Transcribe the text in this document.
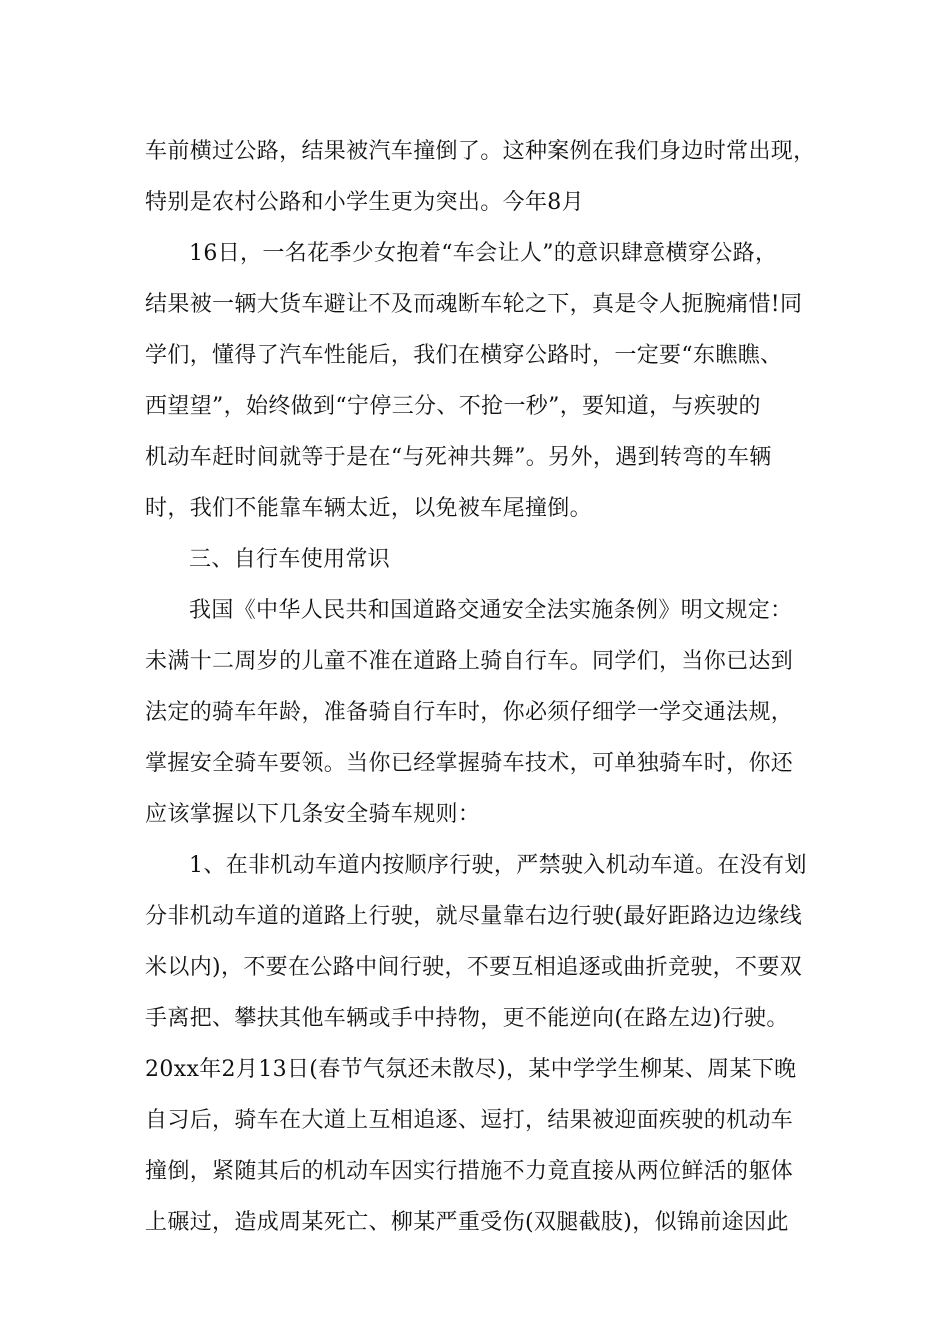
车前横过公路，结果被汽车撞倒了。这种案例在我们身边时常出现，
特别是农村公路和小学生更为突出。今年8月
16日，一名花季少女抱着“车会让人”的意识肆意横穿公路，
结果被一辆大货车避让不及而魂断车轮之下，真是令人扼腕痛惜!同
学们，懂得了汽车性能后，我们在横穿公路时，一定要“东瞧瞧、
西望望”，始终做到“宁停三分、不抢一秒”，要知道，与疾驶的
机动车赶时间就等于是在“与死神共舞”。另外，遇到转弯的车辆
时，我们不能靠车辆太近，以免被车尾撞倒。
三、自行车使用常识
我国《中华人民共和国道路交通安全法实施条例》明文规定：
未满十二周岁的儿童不准在道路上骑自行车。同学们，当你已达到
法定的骑车年龄，准备骑自行车时，你必须仔细学一学交通法规，
掌握安全骑车要领。当你已经掌握骑车技术，可单独骑车时，你还
应该掌握以下几条安全骑车规则：
1、在非机动车道内按顺序行驶，严禁驶入机动车道。在没有划
分非机动车道的道路上行驶，就尽量靠右边行驶(最好距路边边缘线
米以内)，不要在公路中间行驶，不要互相追逐或曲折竞驶，不要双
手离把、攀扶其他车辆或手中持物，更不能逆向(在路左边)行驶。
20xx年2月13日(春节气氛还未散尽)，某中学学生柳某、周某下晚
自习后，骑车在大道上互相追逐、逗打，结果被迎面疾驶的机动车
撞倒，紧随其后的机动车因实行措施不力竟直接从两位鲜活的躯体
上碾过，造成周某死亡、柳某严重受伤(双腿截肢)，似锦前途因此
